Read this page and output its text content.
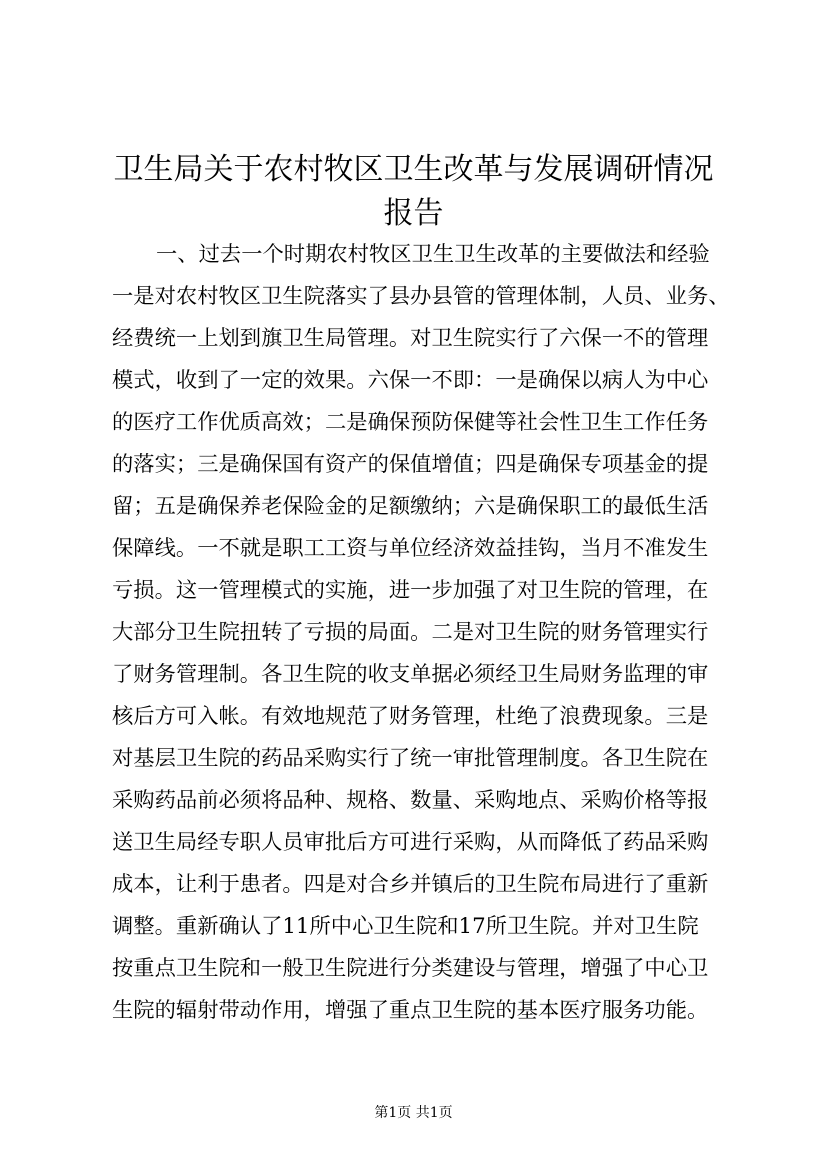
卫生局关于农村牧区卫生改革与发展调研情况
报告
一、过去一个时期农村牧区卫生卫生改革的主要做法和经验
一是对农村牧区卫生院落实了县办县管的管理体制，人员、业务、
经费统一上划到旗卫生局管理。对卫生院实行了六保一不的管理
模式，收到了一定的效果。六保一不即：一是确保以病人为中心
的医疗工作优质高效；二是确保预防保健等社会性卫生工作任务
的落实；三是确保国有资产的保值增值；四是确保专项基金的提
留；五是确保养老保险金的足额缴纳；六是确保职工的最低生活
保障线。一不就是职工工资与单位经济效益挂钩，当月不准发生
亏损。这一管理模式的实施，进一步加强了对卫生院的管理，在
大部分卫生院扭转了亏损的局面。二是对卫生院的财务管理实行
了财务管理制。各卫生院的收支单据必须经卫生局财务监理的审
核后方可入帐。有效地规范了财务管理，杜绝了浪费现象。三是
对基层卫生院的药品采购实行了统一审批管理制度。各卫生院在
采购药品前必须将品种、规格、数量、采购地点、采购价格等报
送卫生局经专职人员审批后方可进行采购，从而降低了药品采购
成本，让利于患者。四是对合乡并镇后的卫生院布局进行了重新
调整。重新确认了11所中心卫生院和17所卫生院。并对卫生院
按重点卫生院和一般卫生院进行分类建设与管理，增强了中心卫
生院的辐射带动作用，增强了重点卫生院的基本医疗服务功能。
第1页 共1页
